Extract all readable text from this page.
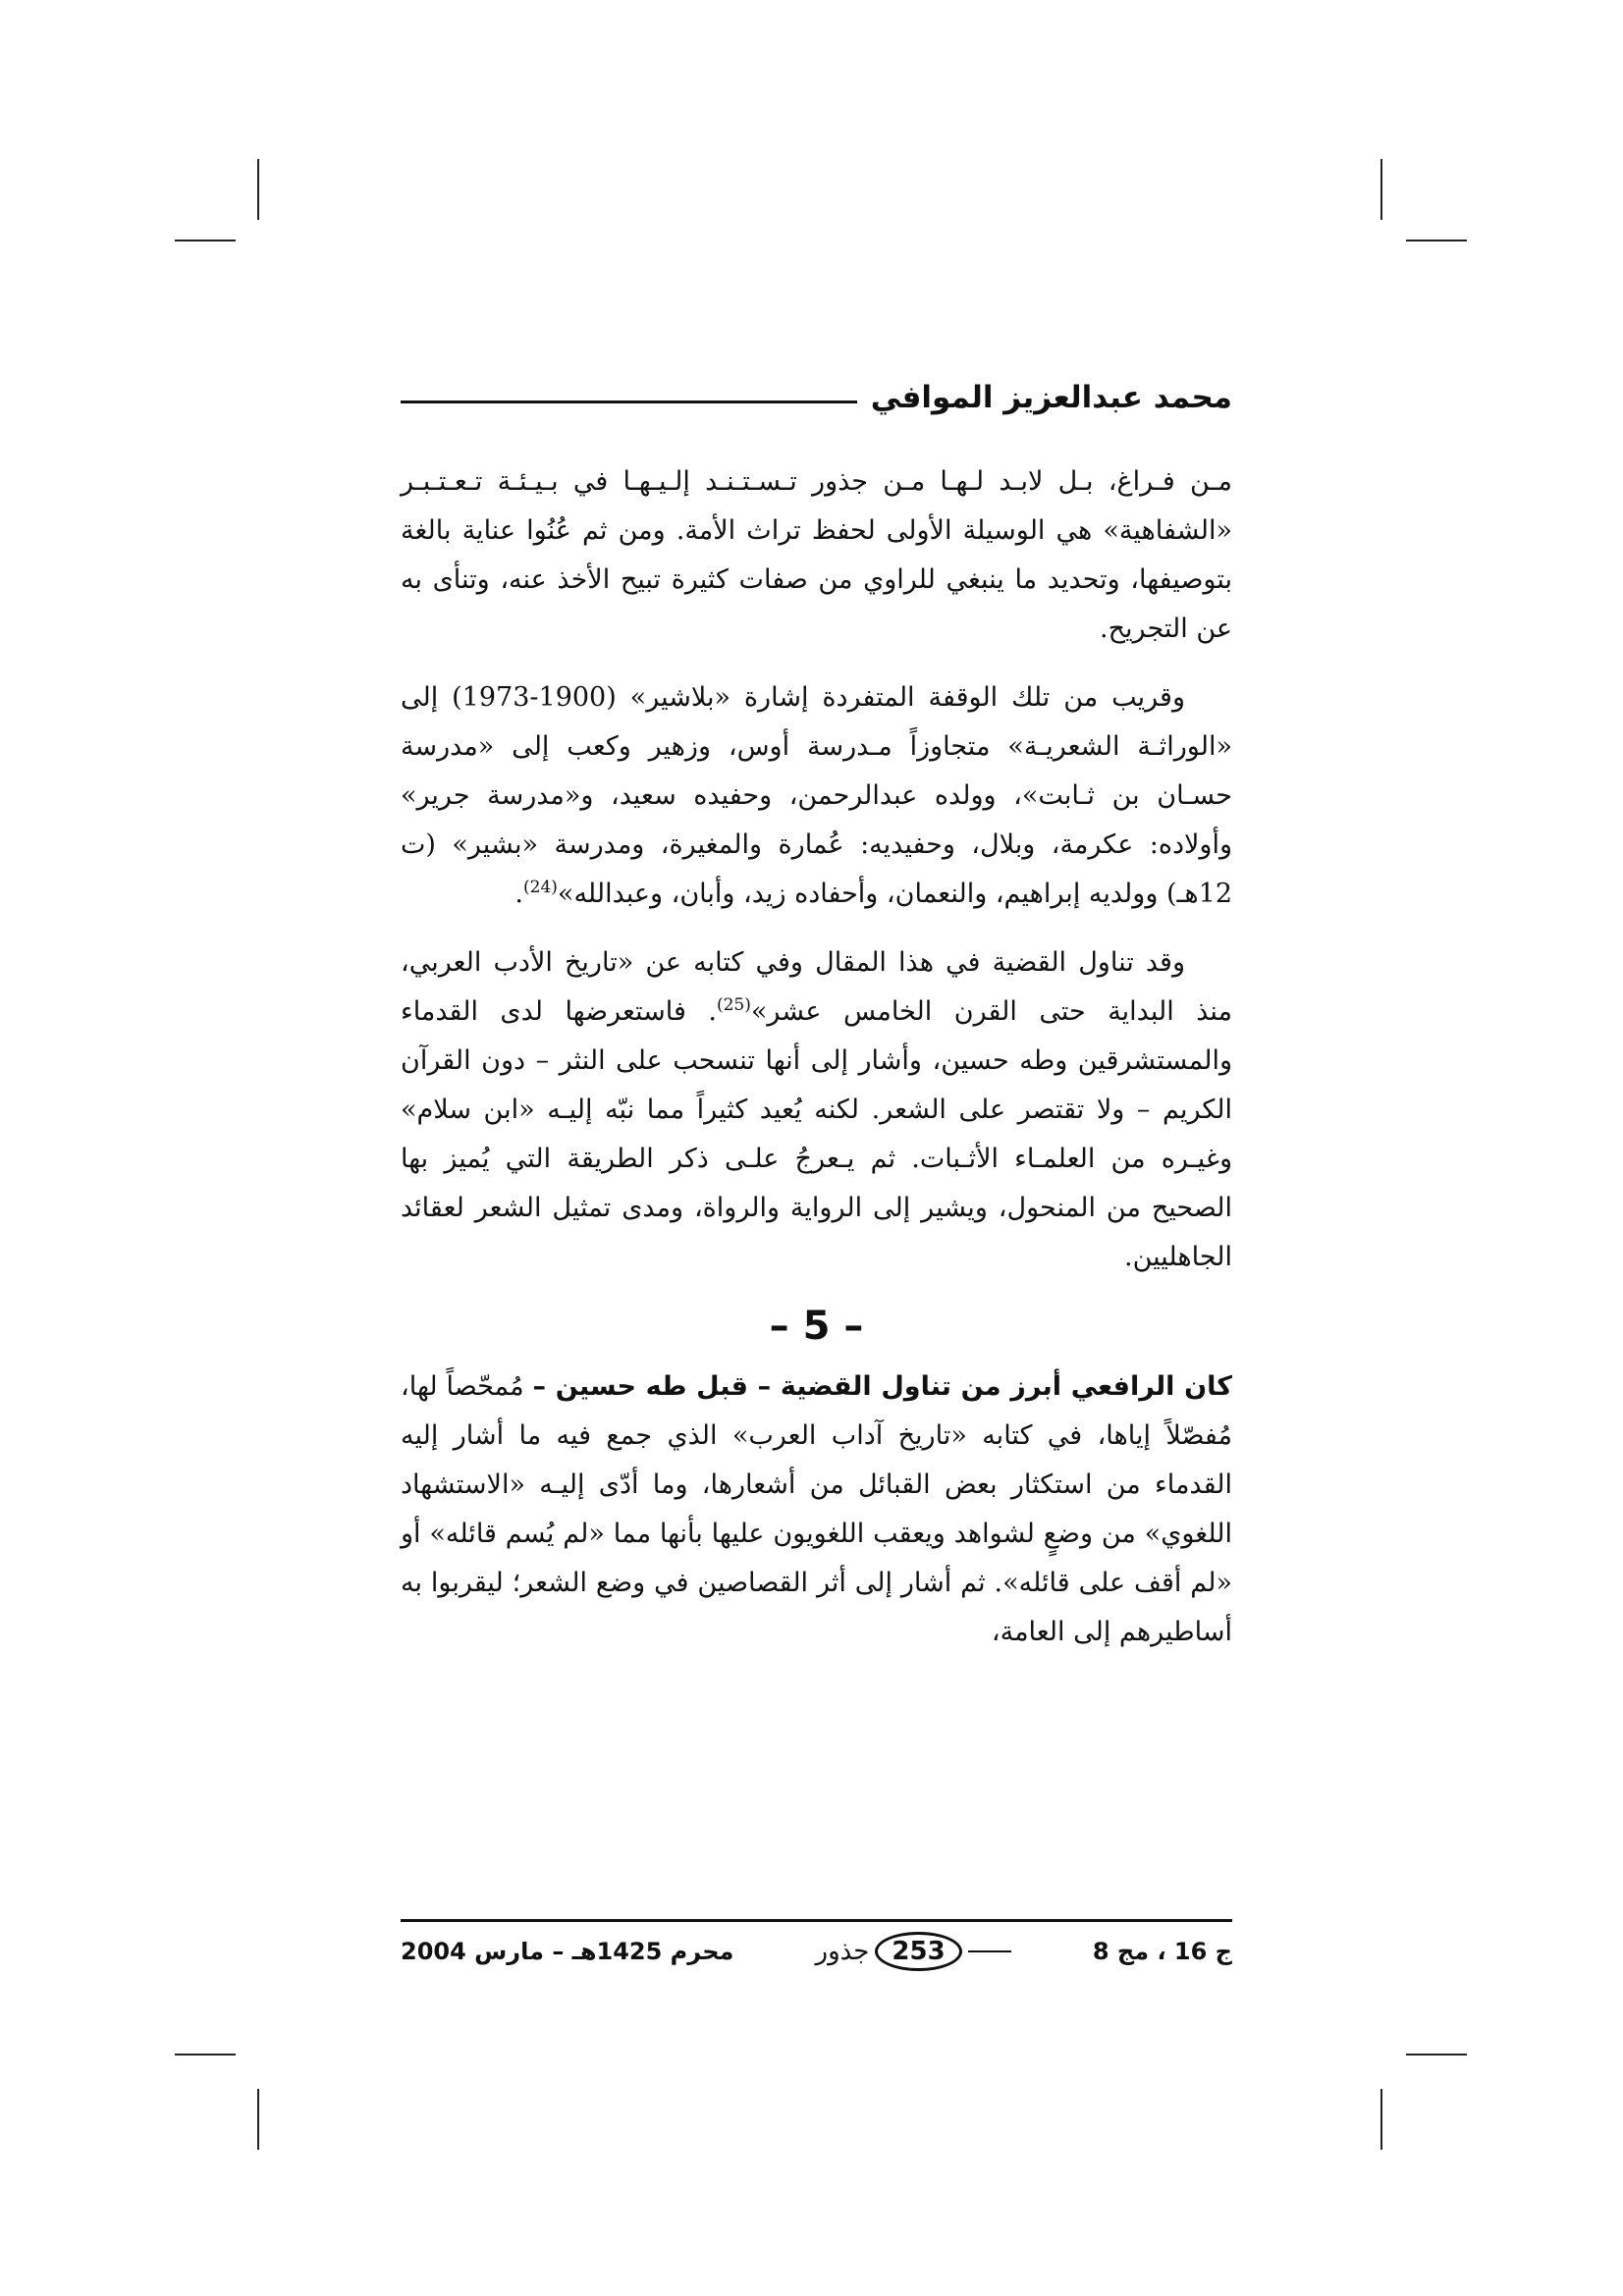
محمد عبدالعزيز الموافي

مـن فـراغ، بـل لابـد لـهـا مـن جذور تـسـتـنـد إلـيـهـا في بـيـئـة تـعـتـبـر «الشفاهية» هي الوسيلة الأولى لحفظ تراث الأمة. ومن ثم عُنُوا عناية بالغة بتوصيفها، وتحديد ما ينبغي للراوي من صفات كثيرة تبيح الأخذ عنه، وتنأى به عن التجريح.

وقريب من تلك الوقفة المتفردة إشارة «بلاشير» (1900-1973) إلى «الوراثـة الشعريـة» متجاوزاً مـدرسة أوس، وزهير وكعب إلى «مدرسة حسـان بن ثـابت»، وولده عبدالرحمن، وحفيده سعيد، و«مدرسة جرير» وأولاده: عكرمة، وبلال، وحفيديه: عُمارة والمغيرة، ومدرسة «بشير» (ت 12هـ) وولديه إبراهيم، والنعمان، وأحفاده زيد، وأبان، وعبدالله»$^{(24)}$.

وقد تناول القضية في هذا المقال وفي كتابه عن «تاريخ الأدب العربي، منذ البداية حتى القرن الخامس عشر»$^{(25)}$. فاستعرضها لدى القدماء والمستشرقين وطه حسين، وأشار إلى أنها تنسحب على النثر – دون القرآن الكريم – ولا تقتصر على الشعر. لكنه يُعيد كثيراً مما نبّه إليـه «ابن سلام» وغيـره من العلمـاء الأثـبات. ثم يـعرجُ علـى ذكر الطريقة التي يُميز بها الصحيح من المنحول، ويشير إلى الرواية والرواة، ومدى تمثيل الشعر لعقائد الجاهليين.

– 5 –

كان الرافعي أبرز من تناول القضية – قبل طه حسين – مُمحّصاً لها، مُفصّلاً إياها، في كتابه «تاريخ آداب العرب» الذي جمع فيه ما أشار إليه القدماء من استكثار بعض القبائل من أشعارها، وما أدّى إليـه «الاستشهاد اللغوي» من وضعٍ لشواهد ويعقب اللغويون عليها بأنها مما «لم يُسم قائله» أو «لم أقف على قائله». ثم أشار إلى أثر القصاصين في وضع الشعر؛ ليقربوا به أساطيرهم إلى العامة،

محرم 1425هـ – مارس 2004	جذور 253	ج 16 ، مج 8
